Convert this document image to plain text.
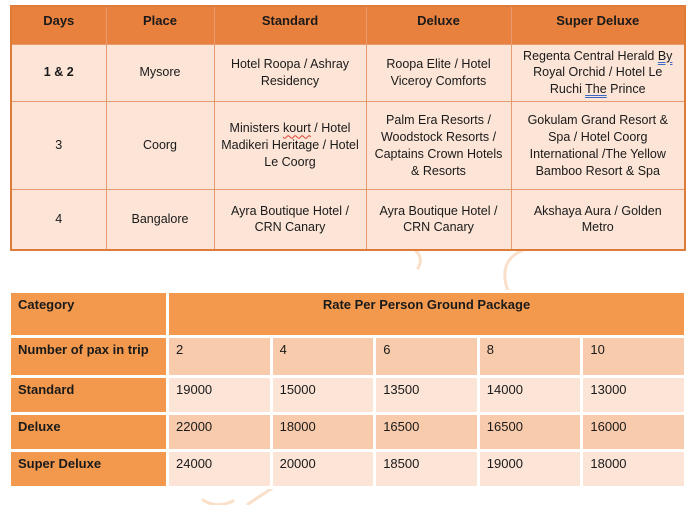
Days	Place	Standard	Deluxe	Super Deluxe
1 & 2	Mysore	Hotel Roopa / Ashray Residency	Roopa Elite / Hotel Viceroy Comforts	Regenta Central Herald By Royal Orchid / Hotel Le Ruchi The Prince
3	Coorg	Ministers kourt / Hotel Madikeri Heritage / Hotel Le Coorg	Palm Era Resorts / Woodstock Resorts / Captains Crown Hotels & Resorts	Gokulam Grand Resort & Spa / Hotel Coorg International /The Yellow Bamboo Resort & Spa
4	Bangalore	Ayra Boutique Hotel / CRN Canary	Ayra Boutique Hotel / CRN Canary	Akshaya Aura / Golden Metro
Category	Rate Per Person Ground Package				
Number of pax in trip	2	4	6	8	10
Standard	19000	15000	13500	14000	13000
Deluxe	22000	18000	16500	16500	16000
Super Deluxe	24000	20000	18500	19000	18000
